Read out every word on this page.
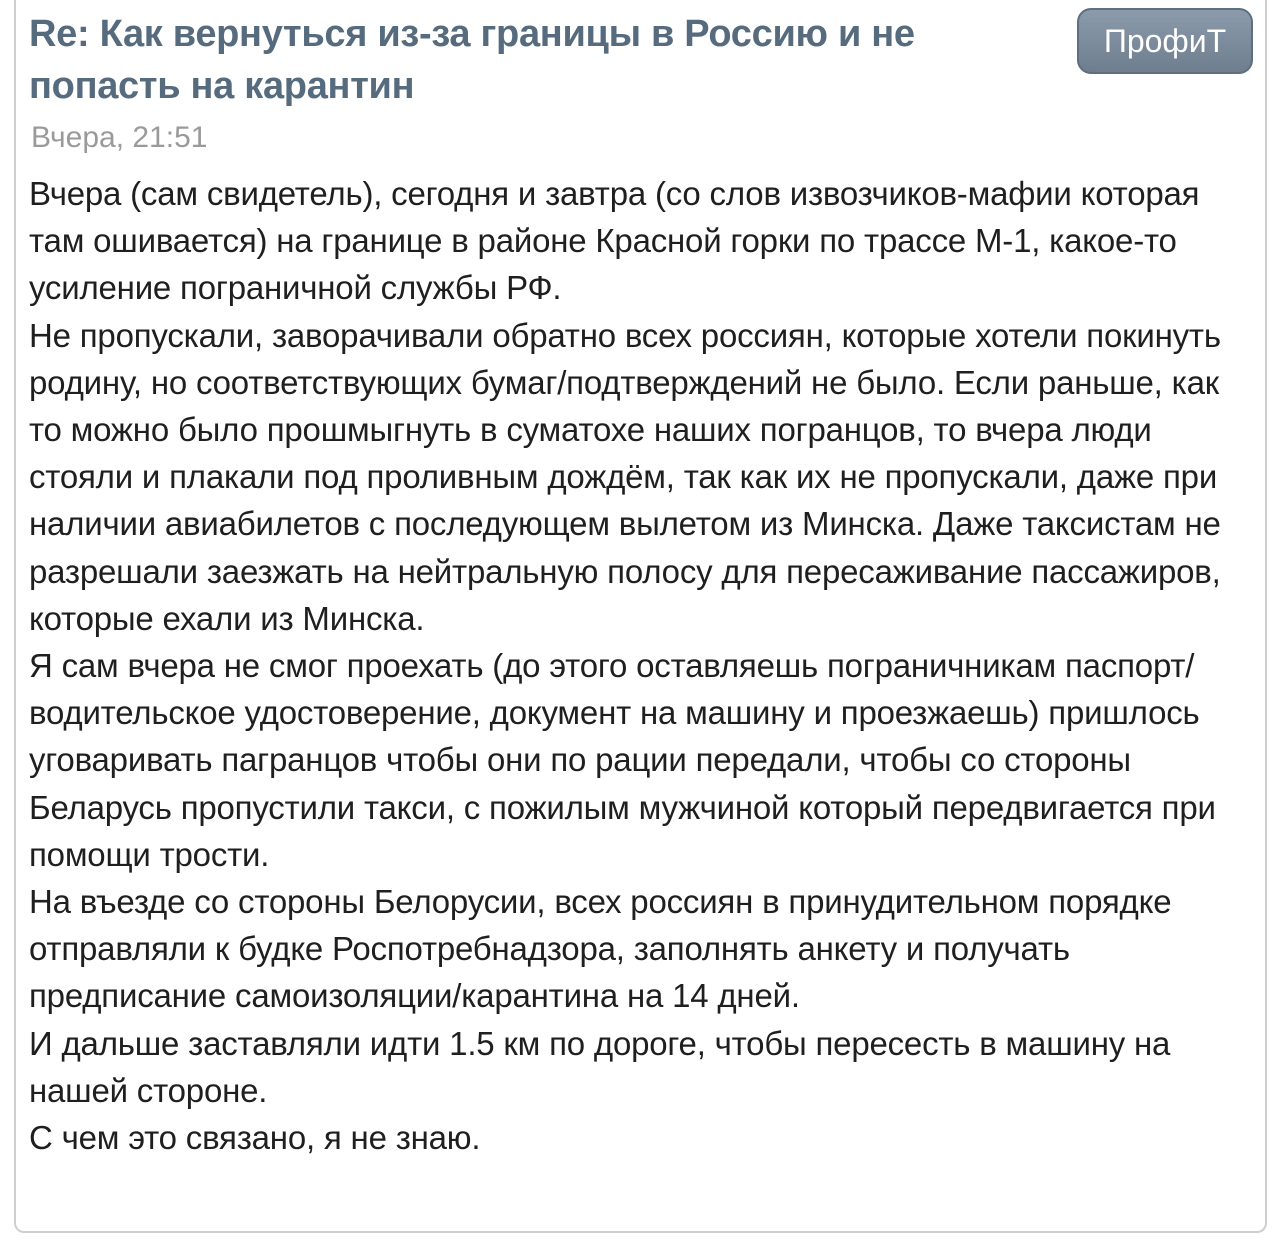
Re: Как вернуться из-за границы в Россию и не попасть на карантин
ПрофиТ
Вчера, 21:51

Вчера (сам свидетель), сегодня и завтра (со слов извозчиков-мафии которая там ошивается) на границе в районе Красной горки по трассе М-1, какое-то усиление пограничной службы РФ.

Не пропускали, заворачивали обратно всех россиян, которые хотели покинуть родину, но соответствующих бумаг/подтверждений не было. Если раньше, как то можно было прошмыгнуть в суматохе наших погранцов, то вчера люди стояли и плакали под проливным дождём, так как их не пропускали, даже при наличии авиабилетов с последующем вылетом из Минска. Даже таксистам не разрешали заезжать на нейтральную полосу для пересаживание пассажиров, которые ехали из Минска.

Я сам вчера не смог проехать (до этого оставляешь пограничникам паспорт/водительское удостоверение, документ на машину и проезжаешь) пришлось уговаривать пагранцов чтобы они по рации передали, чтобы со стороны Беларусь пропустили такси, с пожилым мужчиной который передвигается при помощи трости.

На въезде со стороны Белорусии, всех россиян в принудительном порядке отправляли к будке Роспотребнадзора, заполнять анкету и получать предписание самоизоляции/карантина на 14 дней.

И дальше заставляли идти 1.5 км по дороге, чтобы пересесть в машину на нашей стороне.

С чем это связано, я не знаю.
